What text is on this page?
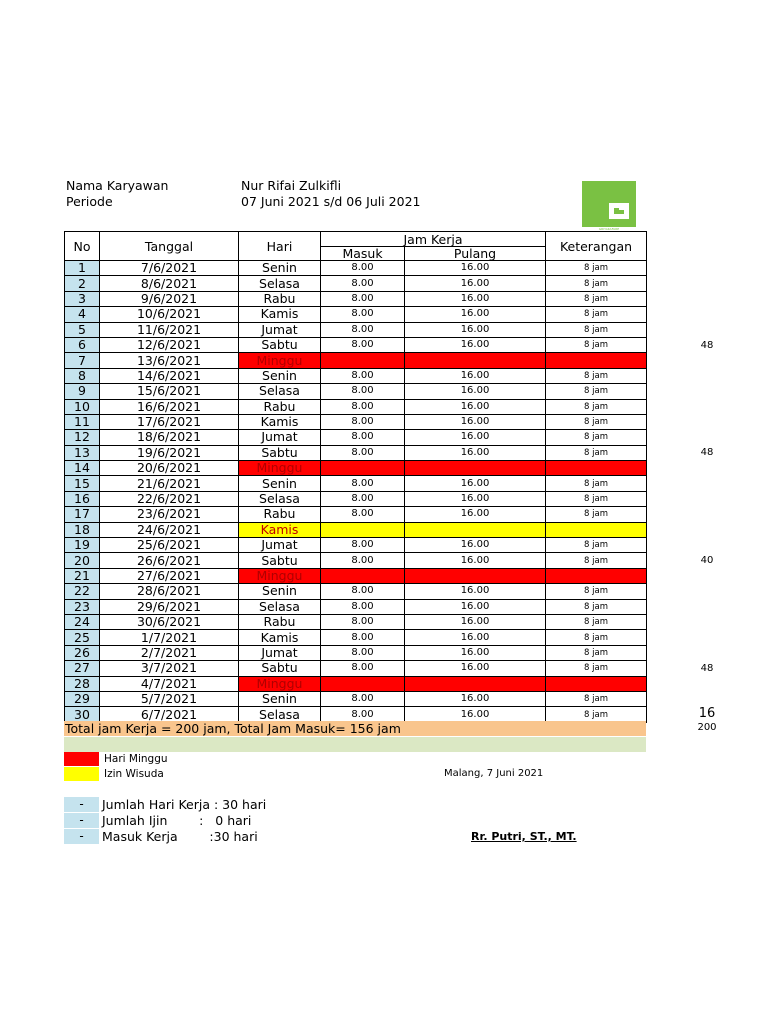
Nama Karyawan	Nur Rifai Zulkifli
Periode	07 Juni 2021 s/d 06 Juli 2021
GRIYAKAFARE
No	Tanggal	Hari	Jam Kerja		Keterangan
			Masuk	Pulang	
1	7/6/2021	Senin	8.00	16.00	8 jam
2	8/6/2021	Selasa	8.00	16.00	8 jam
3	9/6/2021	Rabu	8.00	16.00	8 jam
4	10/6/2021	Kamis	8.00	16.00	8 jam
5	11/6/2021	Jumat	8.00	16.00	8 jam
6	12/6/2021	Sabtu	8.00	16.00	8 jam
7	13/6/2021	Minggu			
8	14/6/2021	Senin	8.00	16.00	8 jam
9	15/6/2021	Selasa	8.00	16.00	8 jam
10	16/6/2021	Rabu	8.00	16.00	8 jam
11	17/6/2021	Kamis	8.00	16.00	8 jam
12	18/6/2021	Jumat	8.00	16.00	8 jam
13	19/6/2021	Sabtu	8.00	16.00	8 jam
14	20/6/2021	Minggu			
15	21/6/2021	Senin	8.00	16.00	8 jam
16	22/6/2021	Selasa	8.00	16.00	8 jam
17	23/6/2021	Rabu	8.00	16.00	8 jam
18	24/6/2021	Kamis			
19	25/6/2021	Jumat	8.00	16.00	8 jam
20	26/6/2021	Sabtu	8.00	16.00	8 jam
21	27/6/2021	Minggu			
22	28/6/2021	Senin	8.00	16.00	8 jam
23	29/6/2021	Selasa	8.00	16.00	8 jam
24	30/6/2021	Rabu	8.00	16.00	8 jam
25	1/7/2021	Kamis	8.00	16.00	8 jam
26	2/7/2021	Jumat	8.00	16.00	8 jam
27	3/7/2021	Sabtu	8.00	16.00	8 jam
28	4/7/2021	Minggu			
29	5/7/2021	Senin	8.00	16.00	8 jam
30	6/7/2021	Selasa	8.00	16.00	8 jam
48
48
40
48
16
Total jam Kerja = 200 jam, Total Jam Masuk= 156 jam	200
Hari Minggu
Izin Wisuda	Malang, 7 Juni 2021
-	Jumlah Hari Kerja : 30 hari
-	Jumlah Ijin        :   0 hari
-	Masuk Kerja        :30 hari	Rr. Putri, ST., MT.
